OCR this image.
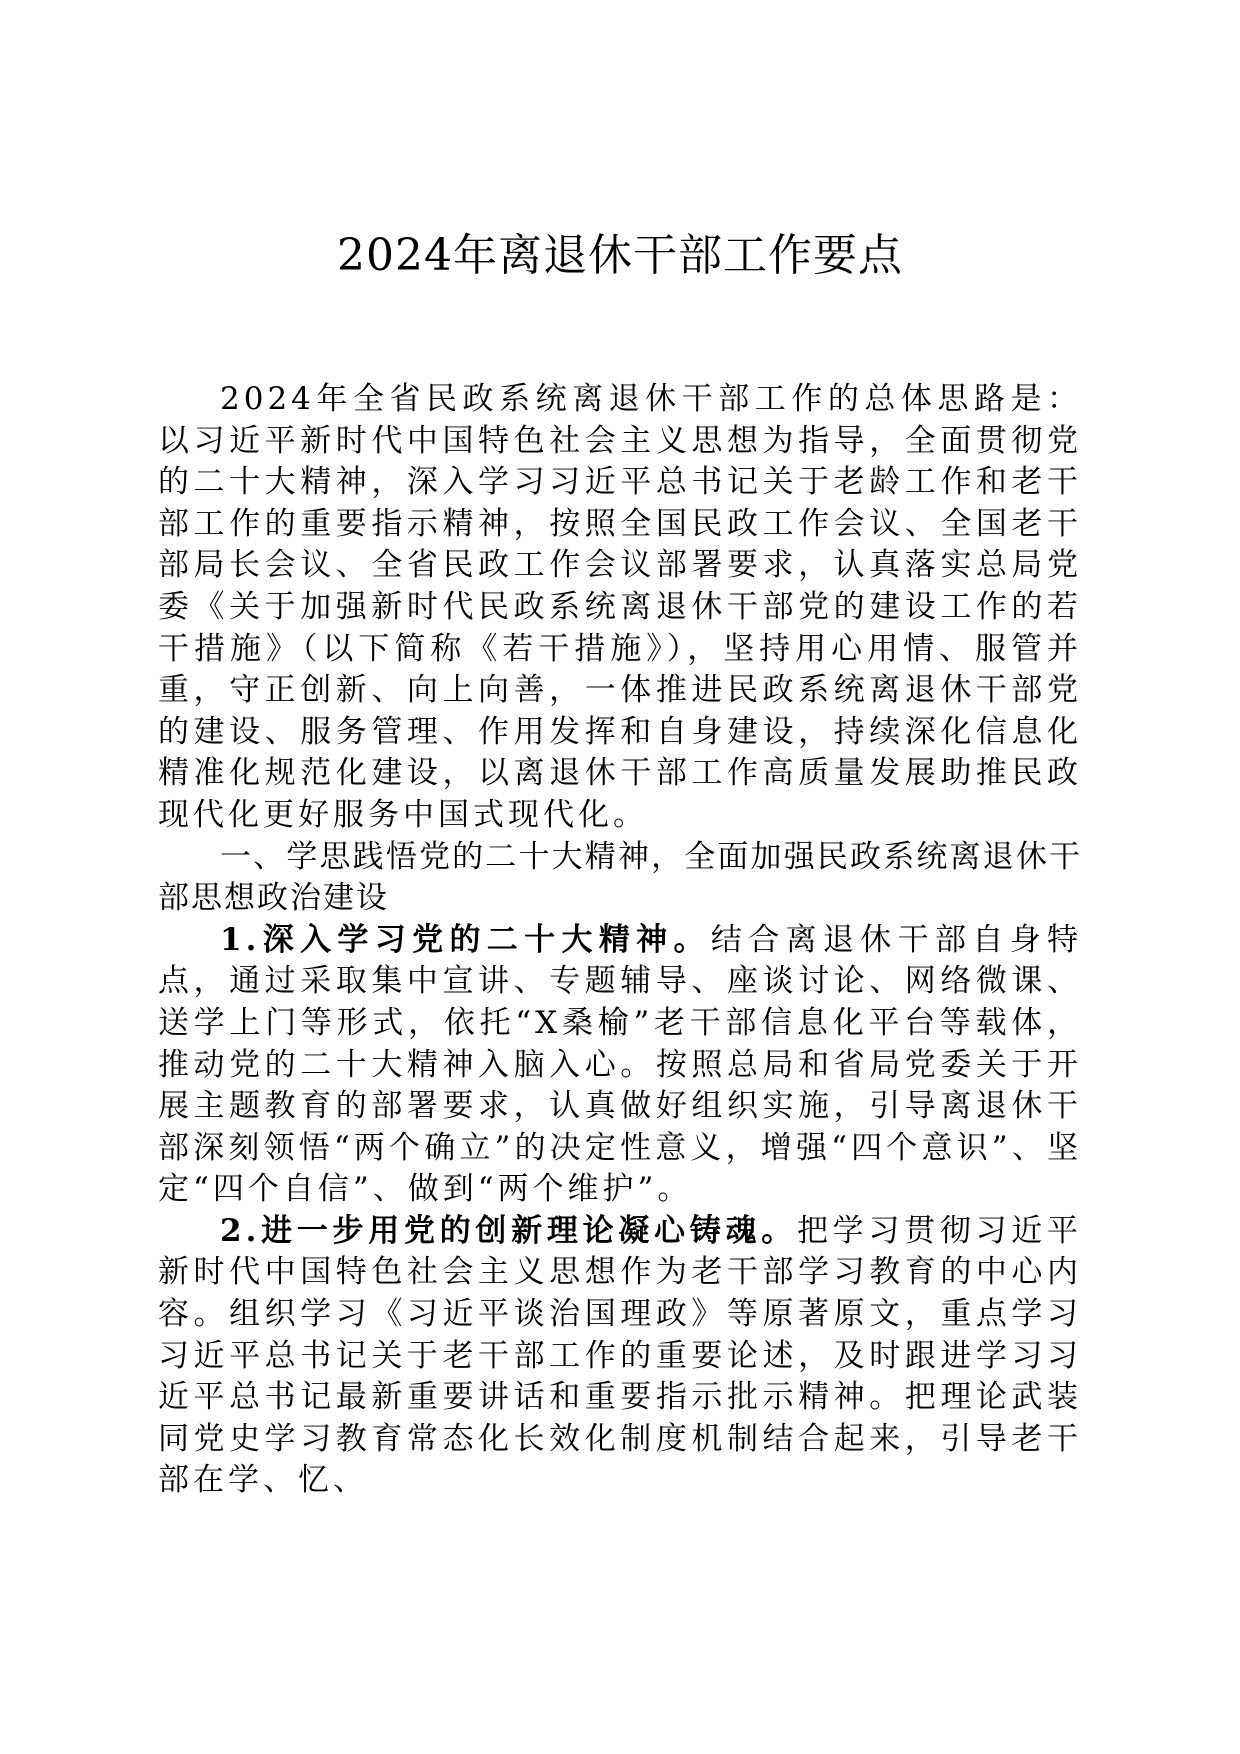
2024年离退休干部工作要点

2024年全省民政系统离退休干部工作的总体思路是：以习近平新时代中国特色社会主义思想为指导，全面贯彻党的二十大精神，深入学习习近平总书记关于老龄工作和老干部工作的重要指示精神，按照全国民政工作会议、全国老干部局长会议、全省民政工作会议部署要求，认真落实总局党委《关于加强新时代民政系统离退休干部党的建设工作的若干措施》（以下简称《若干措施》），坚持用心用情、服管并重，守正创新、向上向善，一体推进民政系统离退休干部党的建设、服务管理、作用发挥和自身建设，持续深化信息化精准化规范化建设，以离退休干部工作高质量发展助推民政现代化更好服务中国式现代化。

一、学思践悟党的二十大精神，全面加强民政系统离退休干部思想政治建设

1.深入学习党的二十大精神。结合离退休干部自身特点，通过采取集中宣讲、专题辅导、座谈讨论、网络微课、送学上门等形式，依托“X桑榆”老干部信息化平台等载体，推动党的二十大精神入脑入心。按照总局和省局党委关于开展主题教育的部署要求，认真做好组织实施，引导离退休干部深刻领悟“两个确立”的决定性意义，增强“四个意识”、坚定“四个自信”、做到“两个维护”。

2.进一步用党的创新理论凝心铸魂。把学习贯彻习近平新时代中国特色社会主义思想作为老干部学习教育的中心内容。组织学习《习近平谈治国理政》等原著原文，重点学习习近平总书记关于老干部工作的重要论述，及时跟进学习习近平总书记最新重要讲话和重要指示批示精神。把理论武装同党史学习教育常态化长效化制度机制结合起来，引导老干部在学、忆、
